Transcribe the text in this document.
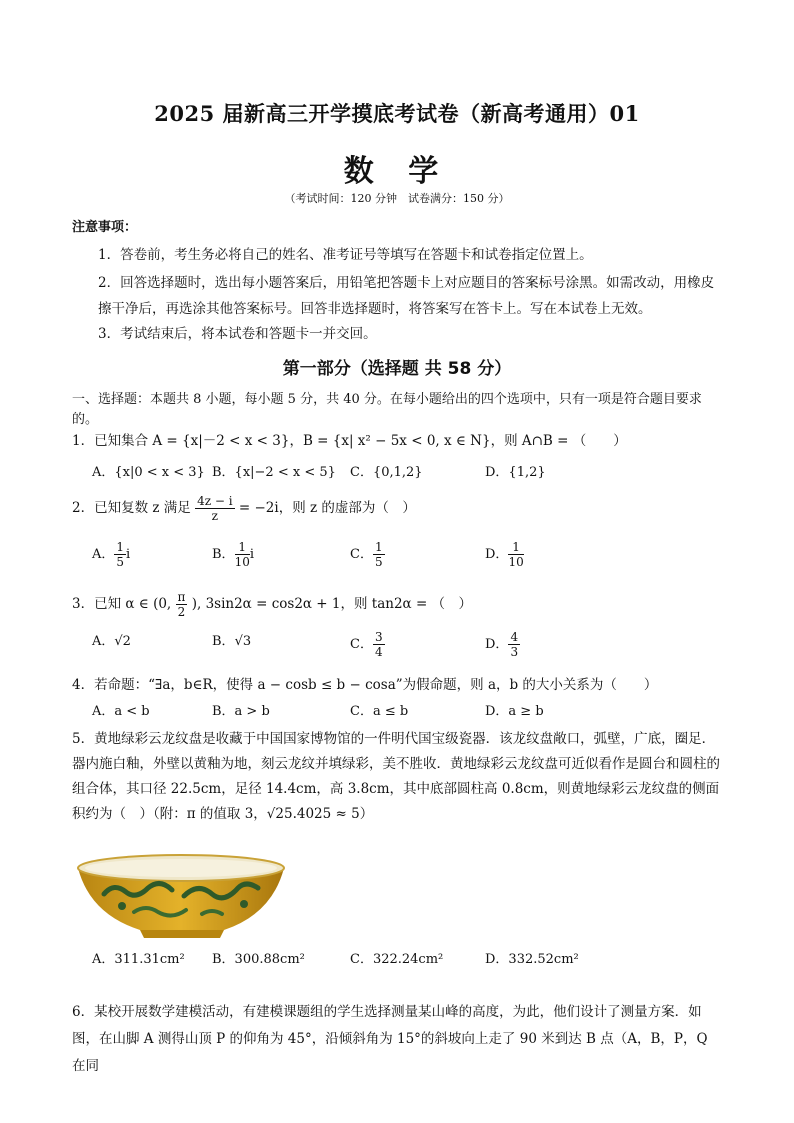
2025 届新高三开学摸底考试卷（新高考通用）01
数 学
（考试时间：120 分钟　试卷满分：150 分）
注意事项：
1．答卷前，考生务必将自己的姓名、准考证号等填写在答题卡和试卷指定位置上。
2．回答选择题时，选出每小题答案后，用铅笔把答题卡上对应题目的答案标号涂黑。如需改动，用橡皮擦干净后，再选涂其他答案标号。回答非选择题时，将答案写在答卡上。写在本试卷上无效。
3．考试结束后，将本试卷和答题卡一并交回。
第一部分（选择题 共 58 分）
一、选择题：本题共 8 小题，每小题 5 分，共 40 分。在每小题给出的四个选项中，只有一项是符合题目要求的。
1．已知集合 A = {x|－2 < x < 3}，B = {x| x² − 5x < 0, x ∈ N}，则 A∩B = （　　）
A．{x|0 < x < 3} B．{x|−2 < x < 5} C．{0,1,2}	D．{1,2}
2．已知复数 z 满足 $\frac{4z - i}{z} = -2i$，则 z 的虚部为（　）
A． $\frac{1}{5}$ i	B． $\frac{1}{10}$ i	C． $\frac{1}{5}$	D． $\frac{1}{10}$
3．已知 α ∈ (0, $\frac{\pi}{2}$ ), 3sin2α = cos2α + 1，则 tan2α = （　）
A．√2	B．√3	C． $\frac{3}{4}$	D． $\frac{4}{3}$
4．若命题：“∃a，b∈R，使得 a − cosb ≤ b − cosa”为假命题，则 a，b 的大小关系为（　　）
A．a < b	B．a > b	C．a ≤ b	D．a ≥ b
5．黄地绿彩云龙纹盘是收藏于中国国家博物馆的一件明代国宝级瓷器．该龙纹盘敞口，弧壁，广底，圈足．器内施白釉，外壁以黄釉为地，刻云龙纹并填绿彩，美不胜收．黄地绿彩云龙纹盘可近似看作是圆台和圆柱的组合体，其口径 22.5cm，足径 14.4cm，高 3.8cm，其中底部圆柱高 0.8cm，则黄地绿彩云龙纹盘的侧面积约为（　）（附：π 的值取 3，√25.4025 ≈ 5）
A．311.31cm² B．300.88cm²	C．322.24cm²	D．332.52cm²
6．某校开展数学建模活动，有建模课题组的学生选择测量某山峰的高度，为此，他们设计了测量方案．如图，在山脚 A 测得山顶 P 的仰角为 45°，沿倾斜角为 15°的斜坡向上走了 90 米到达 B 点（A，B，P，Q 在同
